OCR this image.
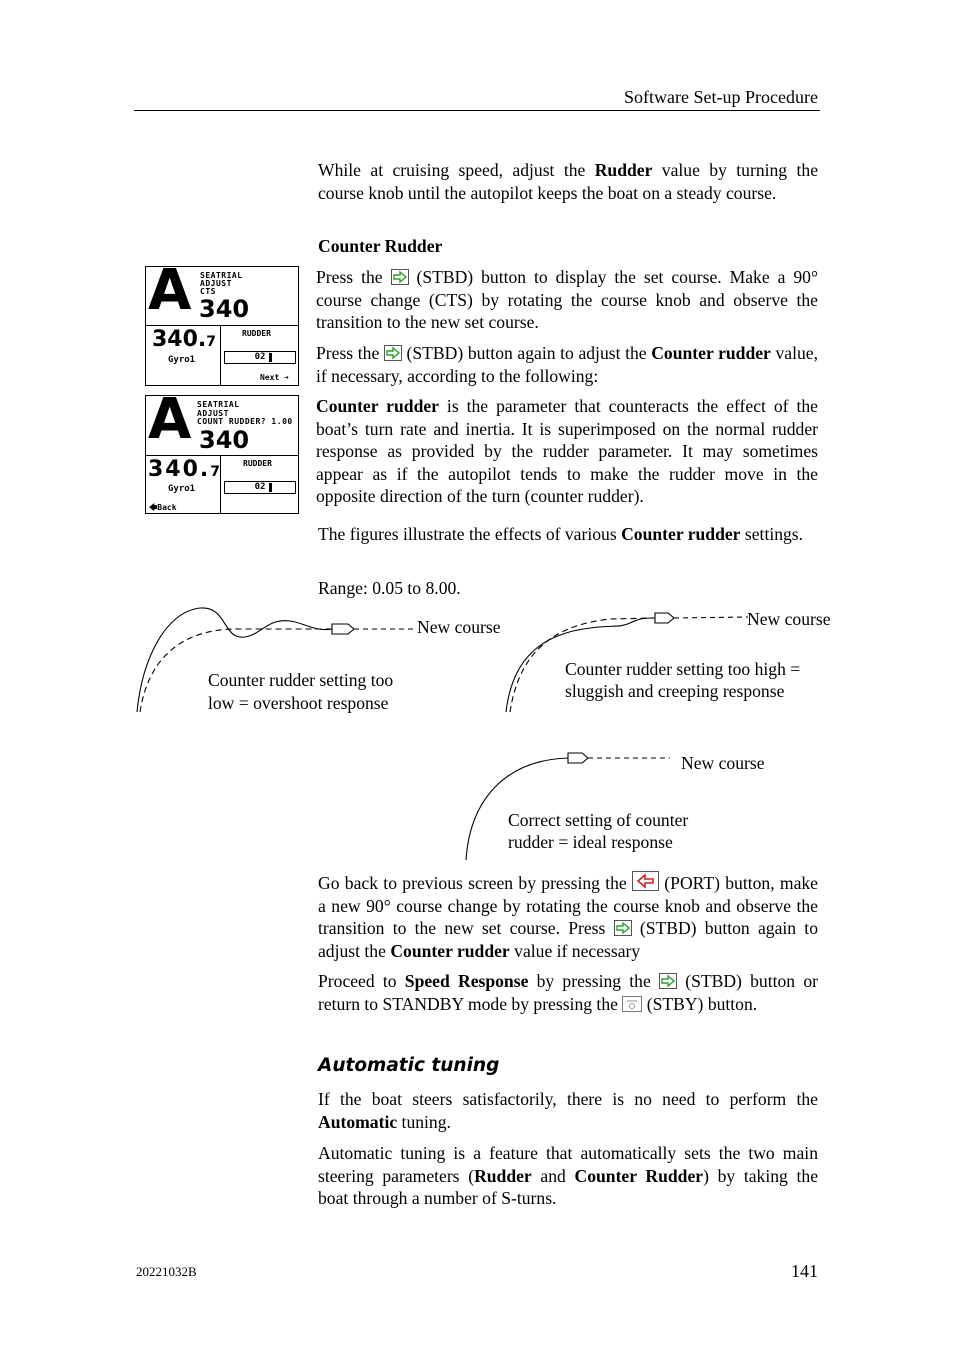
Software Set-up Procedure
While at cruising speed, adjust the Rudder value by turning the course knob until the autopilot keeps the boat on a steady course.
Counter Rudder
A SEATRIAL
ADJUST
CTS
340
340.7
Gyro1
RUDDER
02
Next ➔
A SEATRIAL
ADJUST
COUNT RUDDER? 1.00
340
340.7
Gyro1
RUDDER
02
🡄Back
Press the  (STBD) button to display the set course. Make a 90° course change (CTS) by rotating the course knob and observe the transition to the new set course.
Press the  (STBD) button again to adjust the Counter rudder value, if necessary, according to the following:
Counter rudder is the parameter that counteracts the effect of the boat’s turn rate and inertia. It is superimposed on the normal rudder response as provided by the rudder parameter. It may sometimes appear as if the autopilot tends to make the rudder move in the opposite direction of the turn (counter rudder).
The figures illustrate the effects of various Counter rudder settings.
Range: 0.05 to 8.00.
New course
Counter rudder setting too
low = overshoot response
New course
Counter rudder setting too high =
sluggish and creeping response
New course
Correct setting of counter
rudder = ideal response
Go back to previous screen by pressing the  (PORT) button, make a new 90° course change by rotating the course knob and observe the transition to the new set course. Press  (STBD) button again to adjust the Counter rudder value if necessary
Proceed to Speed Response by pressing the  (STBD) button or return to STANDBY mode by pressing the  (STBY) button.
Automatic tuning
If the boat steers satisfactorily, there is no need to perform the Automatic tuning.
Automatic tuning is a feature that automatically sets the two main steering parameters (Rudder and Counter Rudder) by taking the boat through a number of S-turns.
20221032B	141
